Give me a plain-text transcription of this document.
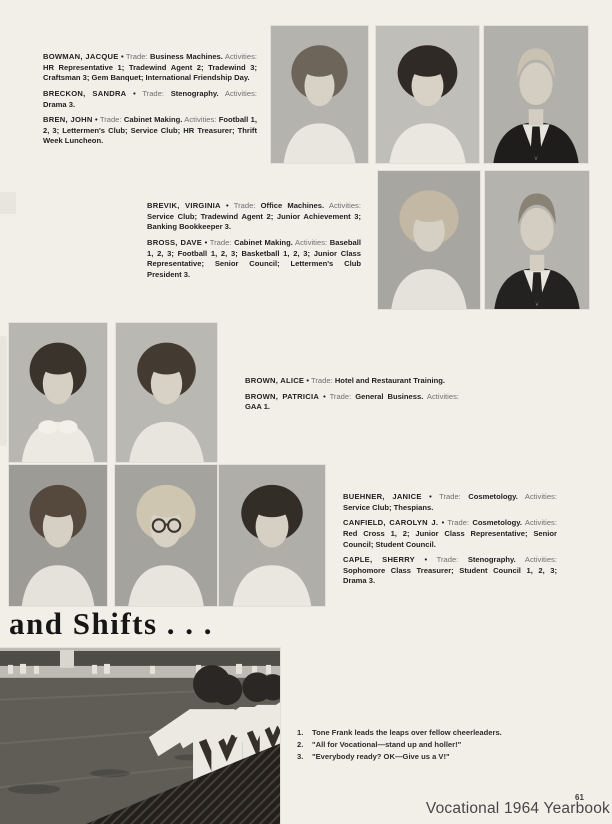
BOWMAN, JACQUE • Trade: Business Machines. Activities: HR Representative 1; Tradewind Agent 2; Tradewind 3; Craftsman 3; Gem Banquet; International Friendship Day.

BRECKON, SANDRA • Trade: Stenography. Activities: Drama 3.

BREN, JOHN • Trade: Cabinet Making. Activities: Football 1, 2, 3; Lettermen's Club; Service Club; HR Treasurer; Thrift Week Luncheon.

BREVIK, VIRGINIA • Trade: Office Machines. Activities: Service Club; Tradewind Agent 2; Junior Achievement 3; Banking Bookkeeper 3.

BROSS, DAVE • Trade: Cabinet Making. Activities: Baseball 1, 2, 3; Football 1, 2, 3; Basketball 1, 2, 3; Junior Class Representative; Senior Council; Lettermen's Club President 3.

BROWN, ALICE • Trade: Hotel and Restaurant Training.

BROWN, PATRICIA • Trade: General Business. Activities: GAA 1.

BUEHNER, JANICE • Trade: Cosmetology. Activities: Service Club; Thespians.

CANFIELD, CAROLYN J. • Trade: Cosmetology. Activities: Red Cross 1, 2; Junior Class Representative; Senior Council; Student Council.

CAPLE, SHERRY • Trade: Stenography. Activities: Sophomore Class Treasurer; Student Council 1, 2, 3; Drama 3.

and Shifts . . .
1.	Tone Frank leads the leaps over fellow cheerleaders.
2.	"All for Vocational—stand up and holler!"
3.	"Everybody ready? OK—Give us a V!"
61
Vocational 1964 Yearbook
